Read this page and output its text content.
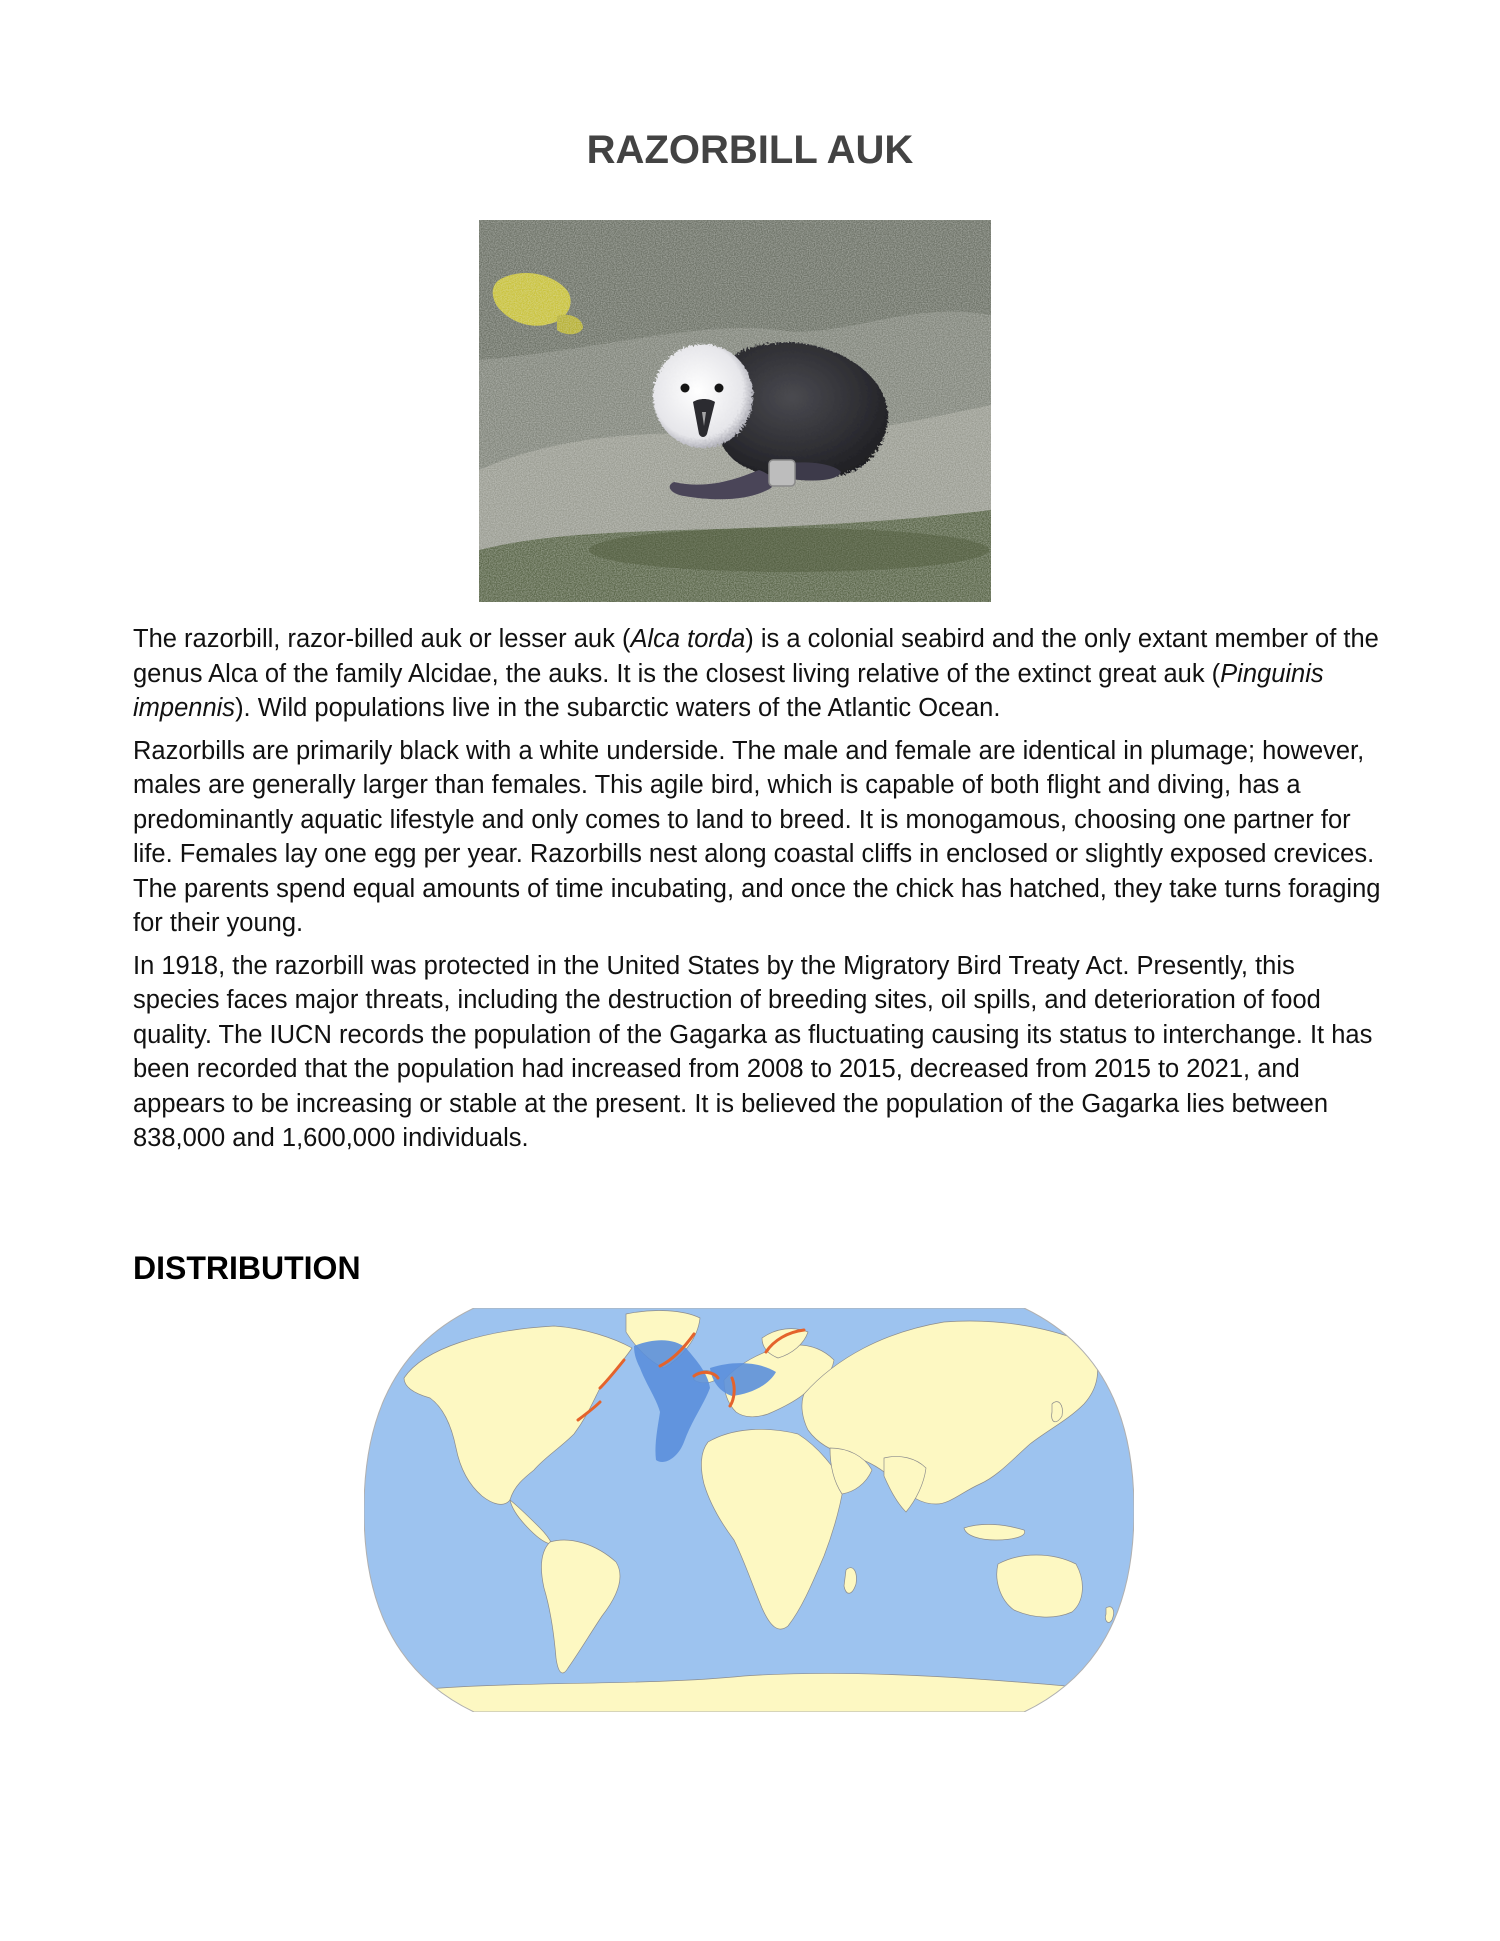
RAZORBILL AUK

The razorbill, razor-billed auk or lesser auk (Alca torda) is a colonial seabird and the only extant member of the genus Alca of the family Alcidae, the auks. It is the closest living relative of the extinct great auk (Pinguinis impennis). Wild populations live in the subarctic waters of the Atlantic Ocean.

Razorbills are primarily black with a white underside. The male and female are identical in plumage; however, males are generally larger than females. This agile bird, which is capable of both flight and diving, has a predominantly aquatic lifestyle and only comes to land to breed. It is monogamous, choosing one partner for life. Females lay one egg per year. Razorbills nest along coastal cliffs in enclosed or slightly exposed crevices. The parents spend equal amounts of time incubating, and once the chick has hatched, they take turns foraging for their young.

In 1918, the razorbill was protected in the United States by the Migratory Bird Treaty Act. Presently, this species faces major threats, including the destruction of breeding sites, oil spills, and deterioration of food quality. The IUCN records the population of the Gagarka as fluctuating causing its status to interchange. It has been recorded that the population had increased from 2008 to 2015, decreased from 2015 to 2021, and appears to be increasing or stable at the present. It is believed the population of the Gagarka lies between 838,000 and 1,600,000 individuals.

DISTRIBUTION
